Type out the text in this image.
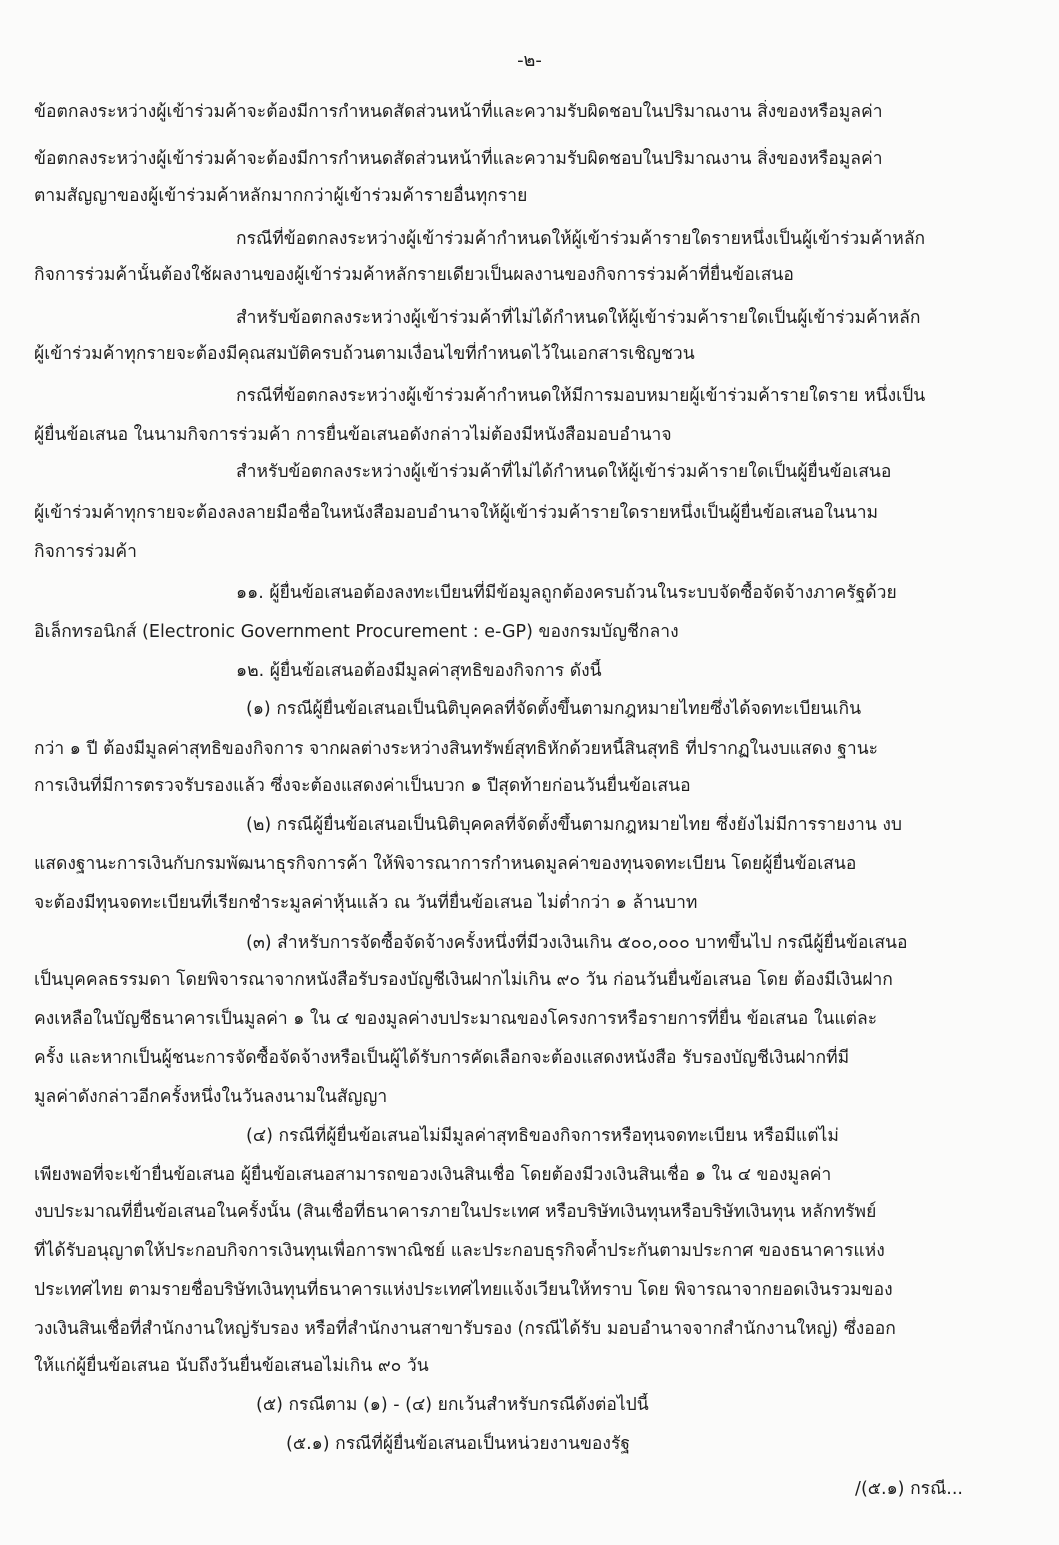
-๒-
ข้อตกลงระหว่างผู้เข้าร่วมค้าจะต้องมีการกำหนดสัดส่วนหน้าที่และความรับผิดชอบในปริมาณงาน สิ่งของหรือมูลค่า
ข้อตกลงระหว่างผู้เข้าร่วมค้าจะต้องมีการกำหนดสัดส่วนหน้าที่และความรับผิดชอบในปริมาณงาน สิ่งของหรือมูลค่า
ตามสัญญาของผู้เข้าร่วมค้าหลักมากกว่าผู้เข้าร่วมค้ารายอื่นทุกราย
กรณีที่ข้อตกลงระหว่างผู้เข้าร่วมค้ากำหนดให้ผู้เข้าร่วมค้ารายใดรายหนึ่งเป็นผู้เข้าร่วมค้าหลัก
กิจการร่วมค้านั้นต้องใช้ผลงานของผู้เข้าร่วมค้าหลักรายเดียวเป็นผลงานของกิจการร่วมค้าที่ยื่นข้อเสนอ
สำหรับข้อตกลงระหว่างผู้เข้าร่วมค้าที่ไม่ได้กำหนดให้ผู้เข้าร่วมค้ารายใดเป็นผู้เข้าร่วมค้าหลัก
ผู้เข้าร่วมค้าทุกรายจะต้องมีคุณสมบัติครบถ้วนตามเงื่อนไขที่กำหนดไว้ในเอกสารเชิญชวน
กรณีที่ข้อตกลงระหว่างผู้เข้าร่วมค้ากำหนดให้มีการมอบหมายผู้เข้าร่วมค้ารายใดราย หนึ่งเป็น
ผู้ยื่นข้อเสนอ ในนามกิจการร่วมค้า การยื่นข้อเสนอดังกล่าวไม่ต้องมีหนังสือมอบอำนาจ
สำหรับข้อตกลงระหว่างผู้เข้าร่วมค้าที่ไม่ได้กำหนดให้ผู้เข้าร่วมค้ารายใดเป็นผู้ยื่นข้อเสนอ
ผู้เข้าร่วมค้าทุกรายจะต้องลงลายมือชื่อในหนังสือมอบอำนาจให้ผู้เข้าร่วมค้ารายใดรายหนึ่งเป็นผู้ยื่นข้อเสนอในนาม
กิจการร่วมค้า
๑๑. ผู้ยื่นข้อเสนอต้องลงทะเบียนที่มีข้อมูลถูกต้องครบถ้วนในระบบจัดซื้อจัดจ้างภาครัฐด้วย
อิเล็กทรอนิกส์ (Electronic Government Procurement : e-GP) ของกรมบัญชีกลาง
๑๒. ผู้ยื่นข้อเสนอต้องมีมูลค่าสุทธิของกิจการ ดังนี้
(๑) กรณีผู้ยื่นข้อเสนอเป็นนิติบุคคลที่จัดตั้งขึ้นตามกฎหมายไทยซึ่งได้จดทะเบียนเกิน
กว่า ๑ ปี ต้องมีมูลค่าสุทธิของกิจการ จากผลต่างระหว่างสินทรัพย์สุทธิหักด้วยหนี้สินสุทธิ ที่ปรากฏในงบแสดง ฐานะ
การเงินที่มีการตรวจรับรองแล้ว ซึ่งจะต้องแสดงค่าเป็นบวก ๑ ปีสุดท้ายก่อนวันยื่นข้อเสนอ
(๒) กรณีผู้ยื่นข้อเสนอเป็นนิติบุคคลที่จัดตั้งขึ้นตามกฎหมายไทย ซึ่งยังไม่มีการรายงาน งบ
แสดงฐานะการเงินกับกรมพัฒนาธุรกิจการค้า ให้พิจารณาการกำหนดมูลค่าของทุนจดทะเบียน โดยผู้ยื่นข้อเสนอ
จะต้องมีทุนจดทะเบียนที่เรียกชำระมูลค่าหุ้นแล้ว ณ วันที่ยื่นข้อเสนอ ไม่ต่ำกว่า ๑ ล้านบาท
(๓) สำหรับการจัดซื้อจัดจ้างครั้งหนึ่งที่มีวงเงินเกิน ๕๐๐,๐๐๐ บาทขึ้นไป กรณีผู้ยื่นข้อเสนอ
เป็นบุคคลธรรมดา โดยพิจารณาจากหนังสือรับรองบัญชีเงินฝากไม่เกิน ๙๐ วัน ก่อนวันยื่นข้อเสนอ โดย ต้องมีเงินฝาก
คงเหลือในบัญชีธนาคารเป็นมูลค่า ๑ ใน ๔ ของมูลค่างบประมาณของโครงการหรือรายการที่ยื่น ข้อเสนอ ในแต่ละ
ครั้ง และหากเป็นผู้ชนะการจัดซื้อจัดจ้างหรือเป็นผู้ได้รับการคัดเลือกจะต้องแสดงหนังสือ รับรองบัญชีเงินฝากที่มี
มูลค่าดังกล่าวอีกครั้งหนึ่งในวันลงนามในสัญญา
(๔) กรณีที่ผู้ยื่นข้อเสนอไม่มีมูลค่าสุทธิของกิจการหรือทุนจดทะเบียน หรือมีแต่ไม่
เพียงพอที่จะเข้ายื่นข้อเสนอ ผู้ยื่นข้อเสนอสามารถขอวงเงินสินเชื่อ โดยต้องมีวงเงินสินเชื่อ ๑ ใน ๔ ของมูลค่า
งบประมาณที่ยื่นข้อเสนอในครั้งนั้น (สินเชื่อที่ธนาคารภายในประเทศ หรือบริษัทเงินทุนหรือบริษัทเงินทุน หลักทรัพย์
ที่ได้รับอนุญาตให้ประกอบกิจการเงินทุนเพื่อการพาณิชย์ และประกอบธุรกิจค้ำประกันตามประกาศ ของธนาคารแห่ง
ประเทศไทย ตามรายชื่อบริษัทเงินทุนที่ธนาคารแห่งประเทศไทยแจ้งเวียนให้ทราบ โดย พิจารณาจากยอดเงินรวมของ
วงเงินสินเชื่อที่สำนักงานใหญ่รับรอง หรือที่สำนักงานสาขารับรอง (กรณีได้รับ มอบอำนาจจากสำนักงานใหญ่) ซึ่งออก
ให้แก่ผู้ยื่นข้อเสนอ นับถึงวันยื่นข้อเสนอไม่เกิน ๙๐ วัน
(๕) กรณีตาม (๑) - (๔) ยกเว้นสำหรับกรณีดังต่อไปนี้
(๕.๑) กรณีที่ผู้ยื่นข้อเสนอเป็นหน่วยงานของรัฐ
/(๕.๑) กรณี...
